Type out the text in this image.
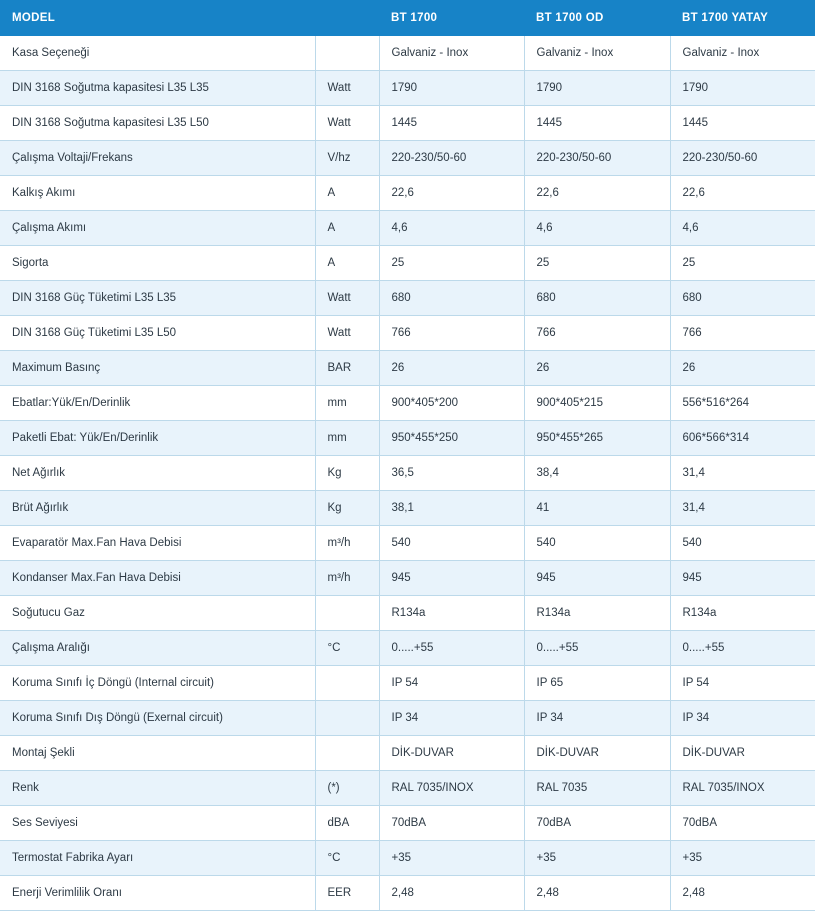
MODEL		BT 1700	BT 1700 OD	BT 1700 YATAY
Kasa Seçeneği		Galvaniz - Inox	Galvaniz - Inox	Galvaniz - Inox
DIN 3168 Soğutma kapasitesi L35 L35	Watt	1790	1790	1790
DIN 3168 Soğutma kapasitesi L35 L50	Watt	1445	1445	1445
Çalışma Voltaji/Frekans	V/hz	220-230/50-60	220-230/50-60	220-230/50-60
Kalkış Akımı	A	22,6	22,6	22,6
Çalışma Akımı	A	4,6	4,6	4,6
Sigorta	A	25	25	25
DIN 3168 Güç Tüketimi L35 L35	Watt	680	680	680
DIN 3168 Güç Tüketimi L35 L50	Watt	766	766	766
Maximum Basınç	BAR	26	26	26
Ebatlar:Yük/En/Derinlik	mm	900*405*200	900*405*215	556*516*264
Paketli Ebat: Yük/En/Derinlik	mm	950*455*250	950*455*265	606*566*314
Net Ağırlık	Kg	36,5	38,4	31,4
Brüt Ağırlık	Kg	38,1	41	31,4
Evaparatör Max.Fan Hava Debisi	m³/h	540	540	540
Kondanser Max.Fan Hava Debisi	m³/h	945	945	945
Soğutucu Gaz		R134a	R134a	R134a
Çalışma Aralığı	°C	0.....+55	0.....+55	0.....+55
Koruma Sınıfı İç Döngü (Internal circuit)		IP 54	IP 65	IP 54
Koruma Sınıfı Dış Döngü (Exernal circuit)		IP 34	IP 34	IP 34
Montaj Şekli		DİK-DUVAR	DİK-DUVAR	DİK-DUVAR
Renk	(*)	RAL 7035/INOX	RAL 7035	RAL 7035/INOX
Ses Seviyesi	dBA	70dBA	70dBA	70dBA
Termostat Fabrika Ayarı	°C	+35	+35	+35
Enerji Verimlilik Oranı	EER	2,48	2,48	2,48
